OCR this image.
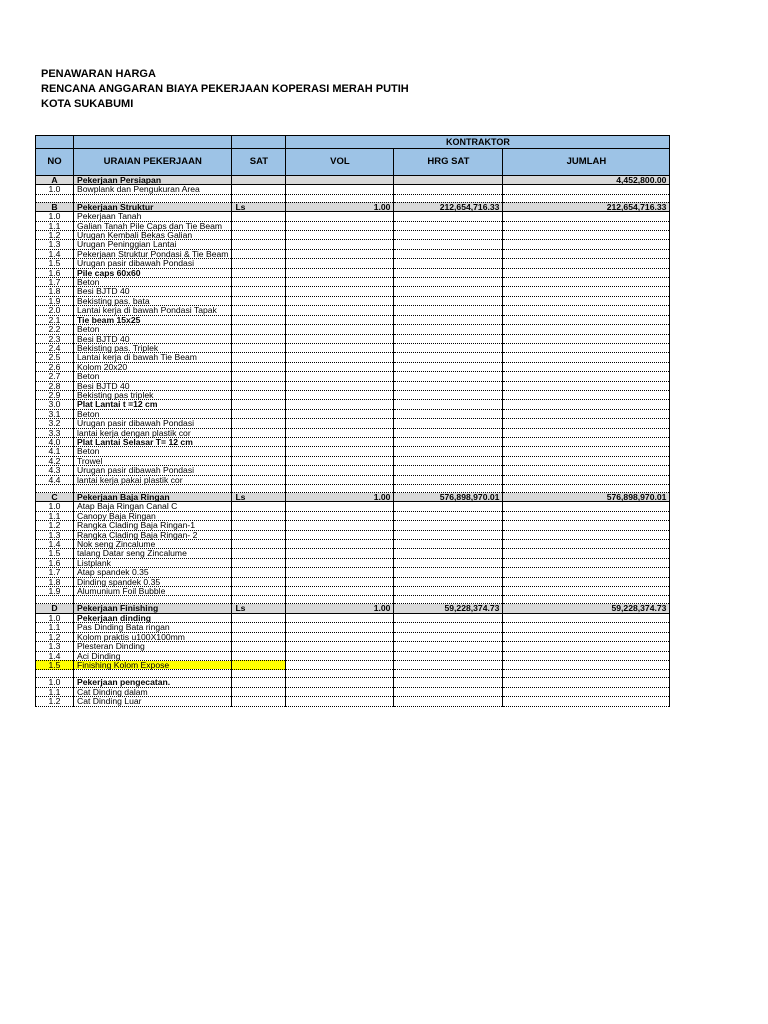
PENAWARAN HARGA
RENCANA ANGGARAN BIAYA PEKERJAAN KOPERASI MERAH PUTIH
KOTA SUKABUMI
			KONTRAKTOR		
NO	URAIAN PEKERJAAN	SAT	VOL	HRG SAT	JUMLAH
A	Pekerjaan Persiapan				4,452,800.00
1.0	Bowplank dan Pengukuran Area				

B	Pekerjaan Struktur	Ls	1.00	212,654,716.33	212,654,716.33
1.0	Pekerjaan Tanah				
1.1	Galian Tanah Pile Caps dan Tie Beam				
1.2	Urugan Kembali Bekas Galian				
1.3	Urugan Peninggian Lantai				
1.4	Pekerjaan Struktur Pondasi & Tie Beam				
1.5	Urugan pasir dibawah Pondasi				
1.6	Pile caps 60x60				
1.7	Beton				
1.8	Besi BJTD 40				
1.9	Bekisting pas. bata				
2.0	Lantai kerja di bawah Pondasi Tapak				
2.1	Tie beam 15x25				
2.2	Beton				
2.3	Besi BJTD 40				
2.4	Bekisting pas. Triplek				
2.5	Lantai kerja di bawah Tie Beam				
2.6	Kolom 20x20				
2.7	Beton				
2.8	Besi BJTD 40				
2.9	Bekisting pas triplek				
3.0	Plat Lantai t =12 cm				
3.1	Beton				
3.2	Urugan pasir dibawah Pondasi				
3.3	lantai kerja dengan plastik cor				
4.0	Plat Lantai Selasar T= 12 cm				
4.1	Beton				
4.2	Trowel				
4.3	Urugan pasir dibawah Pondasi				
4.4	lantai kerja pakai plastik cor				

C	Pekerjaan Baja Ringan	Ls	1.00	576,898,970.01	576,898,970.01
1.0	Atap Baja Ringan Canal C				
1.1	Canopy Baja Ringan				
1.2	Rangka Clading Baja Ringan-1				
1.3	Rangka Clading Baja Ringan- 2				
1.4	Nok seng Zincalume				
1.5	talang Datar seng Zincalume				
1.6	Listplank				
1.7	Atap spandek 0.35				
1.8	Dinding spandek 0.35				
1.9	Alumunium Foil Bubble				

D	Pekerjaan Finishing	Ls	1.00	59,228,374.73	59,228,374.73
1.0	Pekerjaan dinding				
1.1	Pas Dinding Bata ringan				
1.2	Kolom praktis u100X100mm				
1.3	Plesteran Dinding				
1.4	Aci Dinding				
1.5	Finishing Kolom Expose				

1.0	Pekerjaan pengecatan.				
1.1	Cat Dinding dalam				
1.2	Cat Dinding Luar				
